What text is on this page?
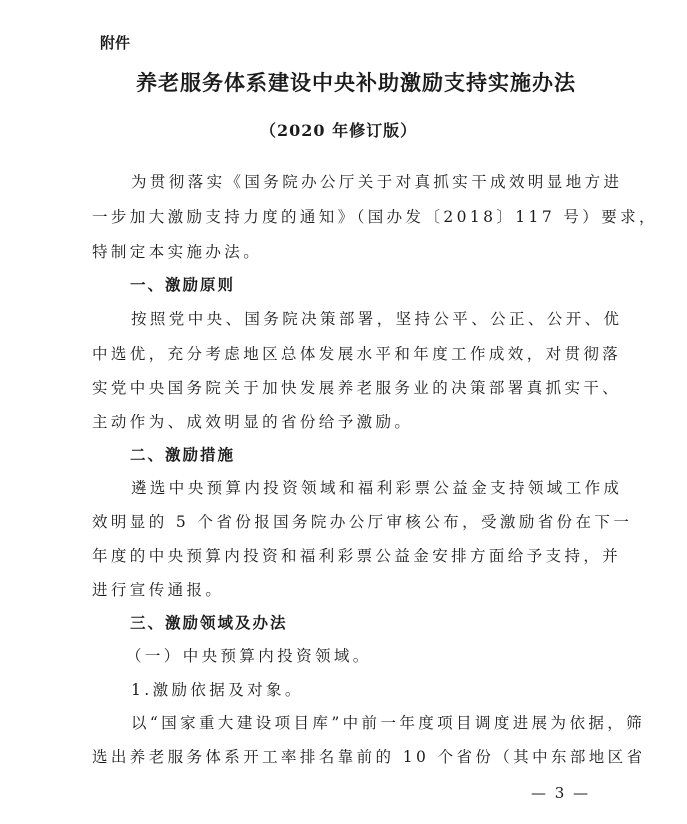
附件
养老服务体系建设中央补助激励支持实施办法
（2020 年修订版）
为贯彻落实《国务院办公厅关于对真抓实干成效明显地方进
一步加大激励支持力度的通知》（国办发〔2018〕117 号）要求，
特制定本实施办法。
一、激励原则
按照党中央、国务院决策部署，坚持公平、公正、公开、优
中选优，充分考虑地区总体发展水平和年度工作成效，对贯彻落
实党中央国务院关于加快发展养老服务业的决策部署真抓实干、
主动作为、成效明显的省份给予激励。
二、激励措施
遴选中央预算内投资领域和福利彩票公益金支持领域工作成
效明显的 5 个省份报国务院办公厅审核公布，受激励省份在下一
年度的中央预算内投资和福利彩票公益金安排方面给予支持，并
进行宣传通报。
三、激励领域及办法
（一）中央预算内投资领域。
1.激励依据及对象。
以“国家重大建设项目库”中前一年度项目调度进展为依据，筛
选出养老服务体系开工率排名靠前的 10 个省份（其中东部地区省
— 3 —
